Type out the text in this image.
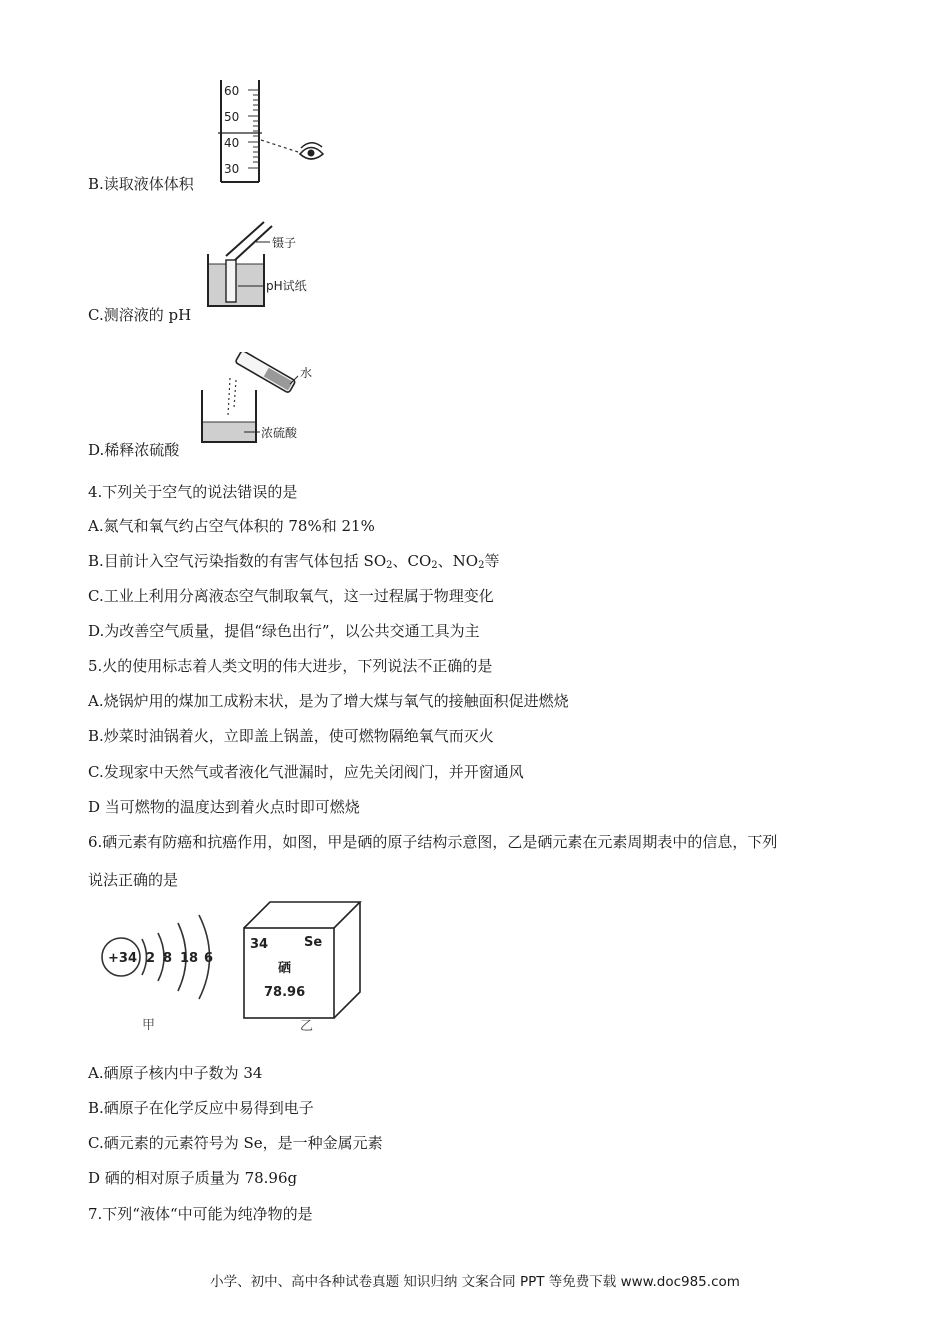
60
50
40
30
B.读取液体体积
镊子
pH试纸
C.测溶液的 pH
水
浓硫酸
D.稀释浓硫酸
4.下列关于空气的说法错误的是
A.氮气和氧气约占空气体积的 78%和 21%
B.目前计入空气污染指数的有害气体包括 $SO_2$、$CO_2$、$NO_2$等
C.工业上利用分离液态空气制取氧气，这一过程属于物理变化
D.为改善空气质量，提倡“绿色出行”，以公共交通工具为主
5.火的使用标志着人类文明的伟大进步，下列说法不正确的是
A.烧锅炉用的煤加工成粉末状，是为了增大煤与氧气的接触面积促进燃烧
B.炒菜时油锅着火，立即盖上锅盖，使可燃物隔绝氧气而灭火
C.发现家中天然气或者液化气泄漏时，应先关闭阀门，并开窗通风
D 当可燃物的温度达到着火点时即可燃烧
6.硒元素有防癌和抗癌作用，如图，甲是硒的原子结构示意图，乙是硒元素在元素周期表中的信息，下列
说法正确的是
+34 2 8 18 6
甲
34	Se
硒
78.96
乙
A.硒原子核内中子数为 34
B.硒原子在化学反应中易得到电子
C.硒元素的元素符号为 Se，是一种金属元素
D 硒的相对原子质量为 78.96g
7.下列“液体“中可能为纯净物的是
小学、初中、高中各种试卷真题 知识归纳 文案合同 PPT 等免费下载 www.doc985.com
